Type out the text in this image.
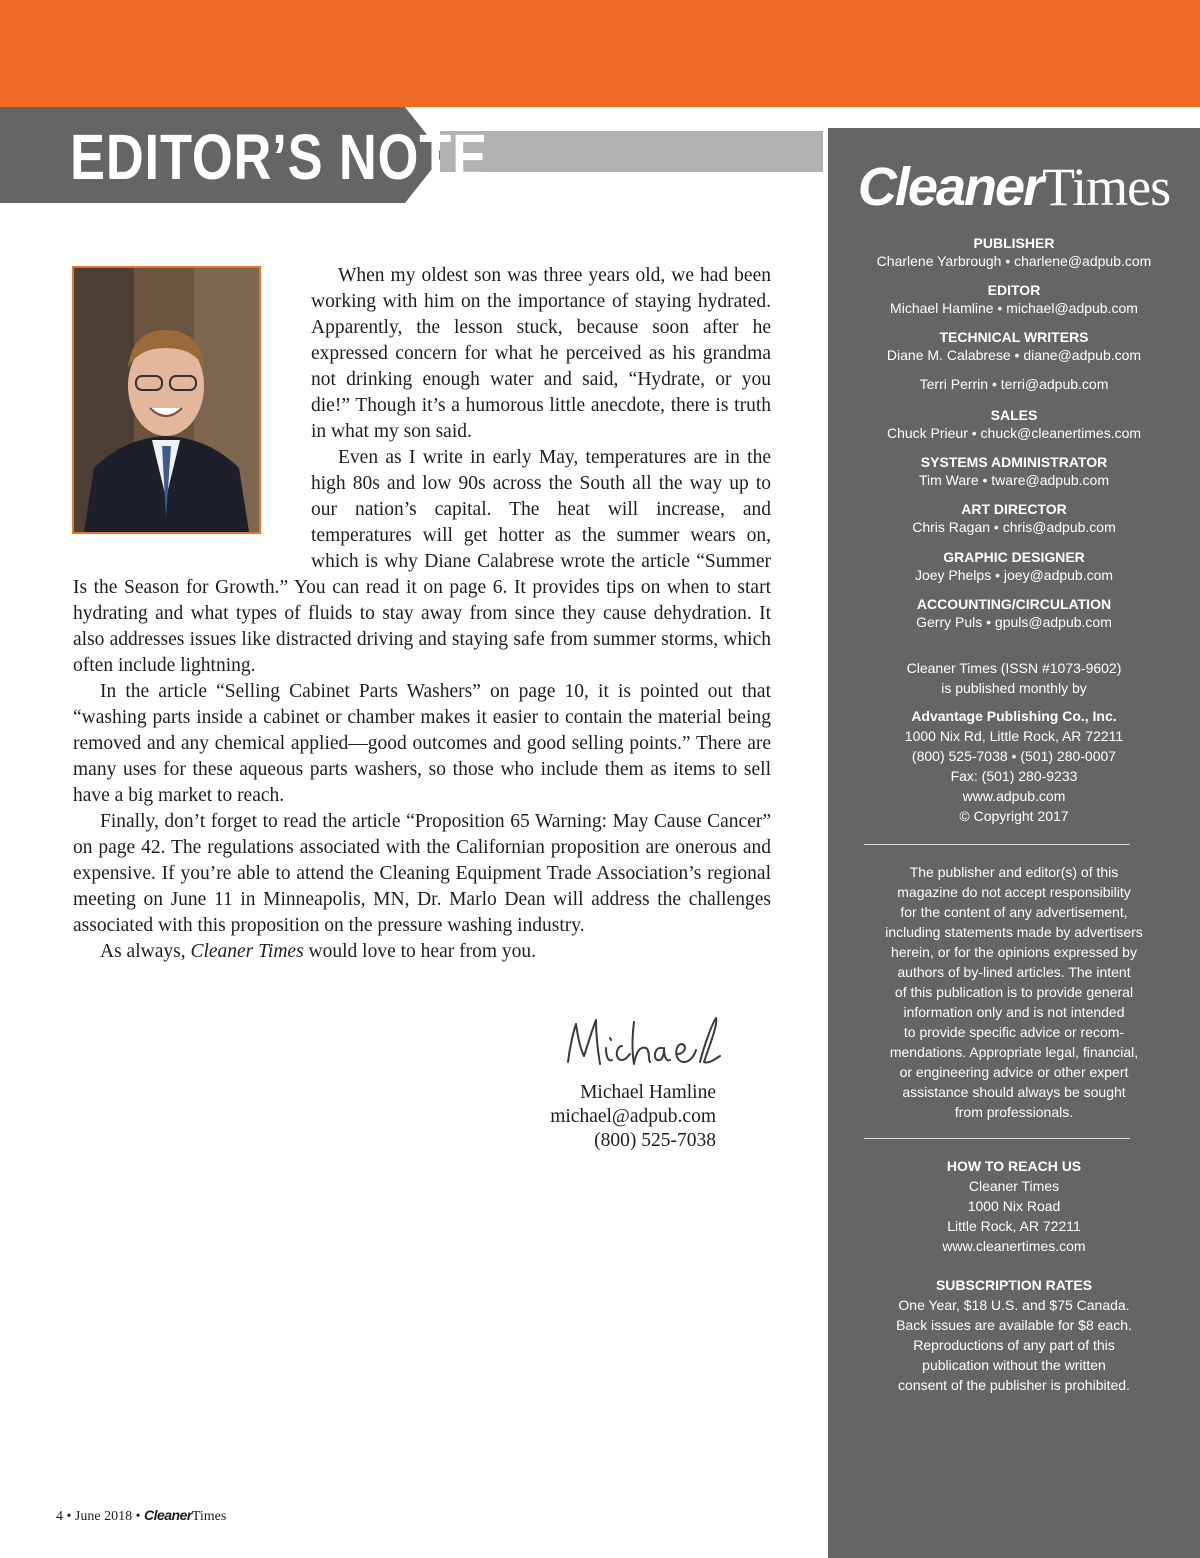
EDITOR’S NOTE

When my oldest son was three years old, we had been working with him on the importance of staying hydrated. Apparently, the lesson stuck, because soon after he expressed concern for what he perceived as his grandma not drinking enough water and said, “Hydrate, or you die!” Though it’s a humorous little anecdote, there is truth in what my son said.

Even as I write in early May, temperatures are in the high 80s and low 90s across the South all the way up to our nation’s capital. The heat will increase, and temperatures will get hotter as the summer wears on, which is why Diane Calabrese wrote the article “Summer Is the Season for Growth.” You can read it on page 6. It provides tips on when to start hydrating and what types of fluids to stay away from since they cause dehydration. It also addresses issues like distracted driving and staying safe from summer storms, which often include lightning.

In the article “Selling Cabinet Parts Washers” on page 10, it is pointed out that “washing parts inside a cabinet or chamber makes it easier to contain the material being removed and any chemical applied—good outcomes and good selling points.” There are many uses for these aqueous parts washers, so those who include them as items to sell have a big market to reach.

Finally, don’t forget to read the article “Proposition 65 Warning: May Cause Cancer” on page 42. The regulations associated with the Californian proposition are onerous and expensive. If you’re able to attend the Cleaning Equipment Trade Association’s regional meeting on June 11 in Minneapolis, MN, Dr. Marlo Dean will address the challenges associated with this proposition on the pressure washing industry.

As always, Cleaner Times would love to hear from you.

Michael Hamline
michael@adpub.com
(800) 525-7038
CleanerTimes
PUBLISHER
Charlene Yarbrough • charlene@adpub.com
EDITOR
Michael Hamline • michael@adpub.com
TECHNICAL WRITERS
Diane M. Calabrese • diane@adpub.com
Terri Perrin • terri@adpub.com
SALES
Chuck Prieur • chuck@cleanertimes.com
SYSTEMS ADMINISTRATOR
Tim Ware • tware@adpub.com
ART DIRECTOR
Chris Ragan • chris@adpub.com
GRAPHIC DESIGNER
Joey Phelps • joey@adpub.com
ACCOUNTING/CIRCULATION
Gerry Puls • gpuls@adpub.com
Cleaner Times (ISSN #1073-9602)
is published monthly by
Advantage Publishing Co., Inc.
1000 Nix Rd, Little Rock, AR 72211
(800) 525-7038 • (501) 280-0007
Fax: (501) 280-9233
www.adpub.com
© Copyright 2017
The publisher and editor(s) of this
magazine do not accept responsibility
for the content of any advertisement,
including statements made by advertisers
herein, or for the opinions expressed by
authors of by-lined articles. The intent
of this publication is to provide general
information only and is not intended
to provide specific advice or recom-
mendations. Appropriate legal, financial,
or engineering advice or other expert
assistance should always be sought
from professionals.
HOW TO REACH US
Cleaner Times
1000 Nix Road
Little Rock, AR 72211
www.cleanertimes.com
SUBSCRIPTION RATES
One Year, $18 U.S. and $75 Canada.
Back issues are available for $8 each.
Reproductions of any part of this
publication without the written
consent of the publisher is prohibited.
4 • June 2018 • CleanerTimes
